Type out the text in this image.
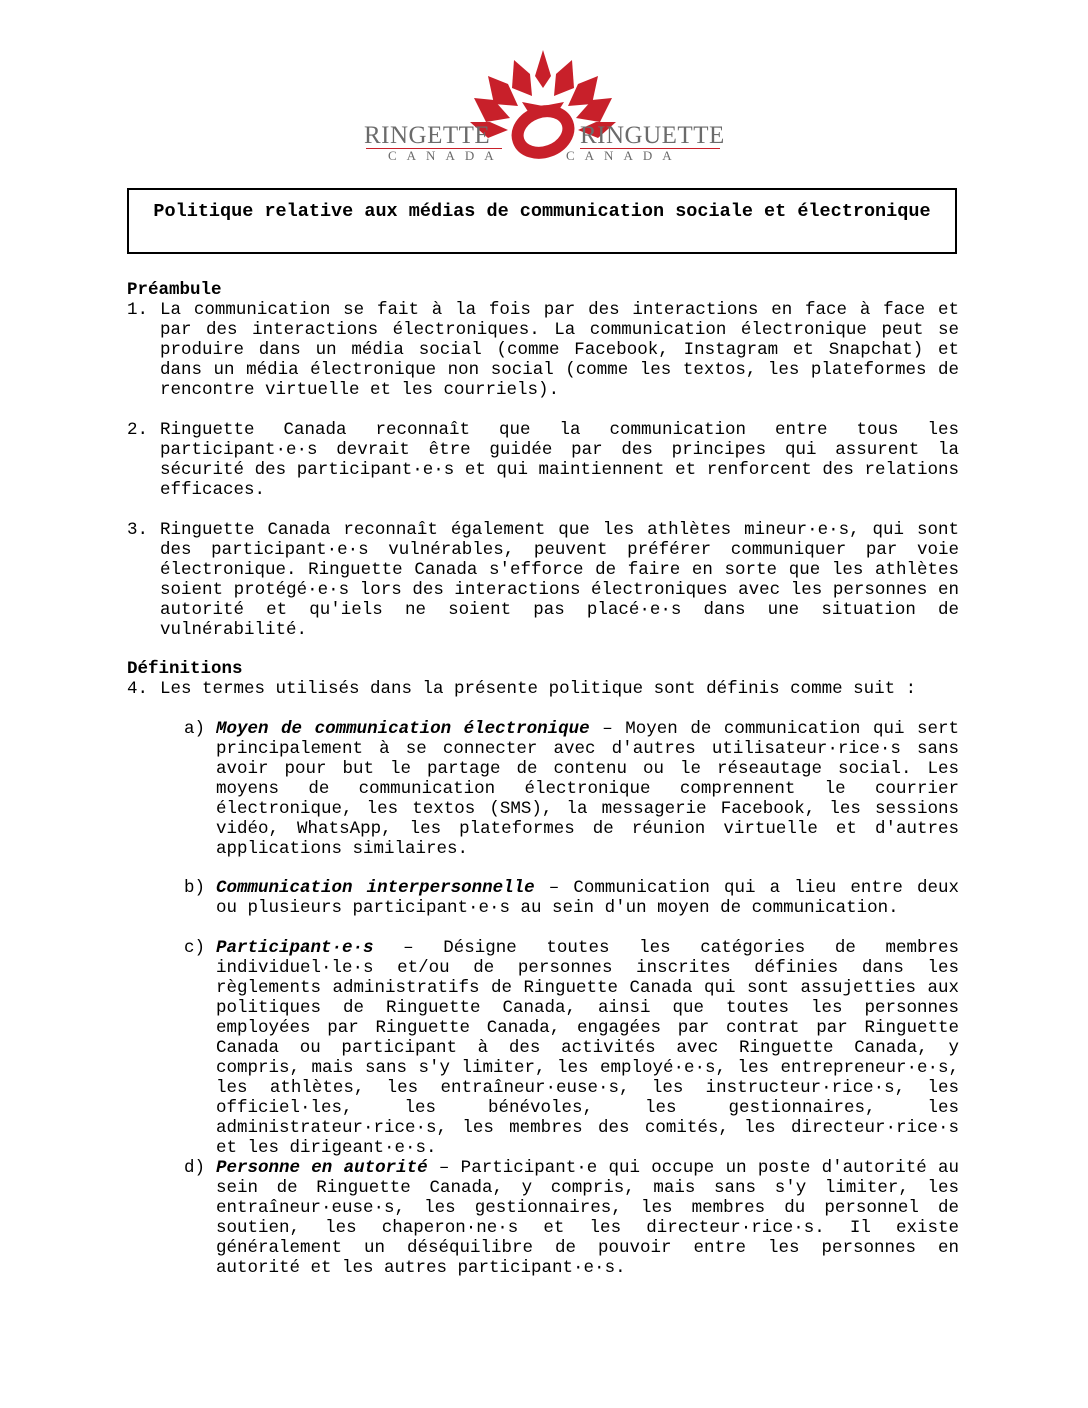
RINGETTE	RINGUETTE
CANADA	CANADA
Politique relative aux médias de communication sociale et électronique
Préambule
1. La communication se fait à la fois par des interactions en face à face et par des interactions électroniques. La communication électronique peut se produire dans un média social (comme Facebook, Instagram et Snapchat) et dans un média électronique non social (comme les textos, les plateformes de rencontre virtuelle et les courriels).
2. Ringuette Canada reconnaît que la communication entre tous les participant·e·s devrait être guidée par des principes qui assurent la sécurité des participant·e·s et qui maintiennent et renforcent des relations efficaces.
3. Ringuette Canada reconnaît également que les athlètes mineur·e·s, qui sont des participant·e·s vulnérables, peuvent préférer communiquer par voie électronique. Ringuette Canada s'efforce de faire en sorte que les athlètes soient protégé·e·s lors des interactions électroniques avec les personnes en autorité et qu'iels ne soient pas placé·e·s dans une situation de vulnérabilité.
Définitions
4. Les termes utilisés dans la présente politique sont définis comme suit :
a) Moyen de communication électronique – Moyen de communication qui sert principalement à se connecter avec d'autres utilisateur·rice·s sans avoir pour but le partage de contenu ou le réseautage social. Les moyens de communication électronique comprennent le courrier électronique, les textos (SMS), la messagerie Facebook, les sessions vidéo, WhatsApp, les plateformes de réunion virtuelle et d'autres applications similaires.
b) Communication interpersonnelle – Communication qui a lieu entre deux ou plusieurs participant·e·s au sein d'un moyen de communication.
c) Participant·e·s – Désigne toutes les catégories de membres individuel·le·s et/ou de personnes inscrites définies dans les règlements administratifs de Ringuette Canada qui sont assujetties aux politiques de Ringuette Canada, ainsi que toutes les personnes employées par Ringuette Canada, engagées par contrat par Ringuette Canada ou participant à des activités avec Ringuette Canada, y compris, mais sans s'y limiter, les employé·e·s, les entrepreneur·e·s, les athlètes, les entraîneur·euse·s, les instructeur·rice·s, les officiel·les, les bénévoles, les gestionnaires, les administrateur·rice·s, les membres des comités, les directeur·rice·s et les dirigeant·e·s.
d) Personne en autorité – Participant·e qui occupe un poste d'autorité au sein de Ringuette Canada, y compris, mais sans s'y limiter, les entraîneur·euse·s, les gestionnaires, les membres du personnel de soutien, les chaperon·ne·s et les directeur·rice·s. Il existe généralement un déséquilibre de pouvoir entre les personnes en autorité et les autres participant·e·s.
